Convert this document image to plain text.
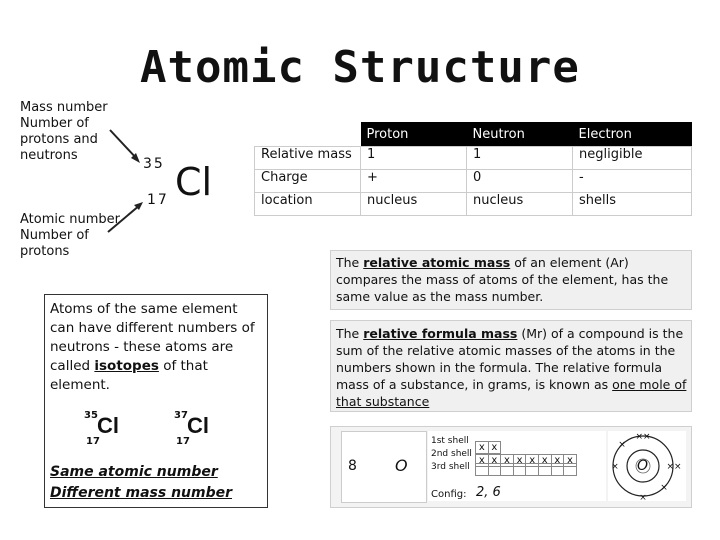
Atomic Structure
Mass number
Number of
protons and
neutrons
Atomic number
Number of
protons
35
17 Cl
	Proton	Neutron	Electron
Relative mass	1	1	negligible
Charge	+	0	-
location	nucleus	nucleus	shells
Atoms of the same element can have different numbers of neutrons - these atoms are called isotopes of that element.
35
17
Cl	37
17
Cl
Same atomic number
Different mass number
The relative atomic mass of an element (Ar) compares the mass of atoms of the element, has the same value as the mass number.
The relative formula mass (Mr) of a compound is the sum of the relative atomic masses of the atoms in the numbers shown in the formula. The relative formula mass of a substance, in grams, is known as one mole of that substance
8 O
1st shell
2nd shell
3rd shell
x x
x x x x x x x x
Config: 2, 6
××
×
×	××
×
×
O
